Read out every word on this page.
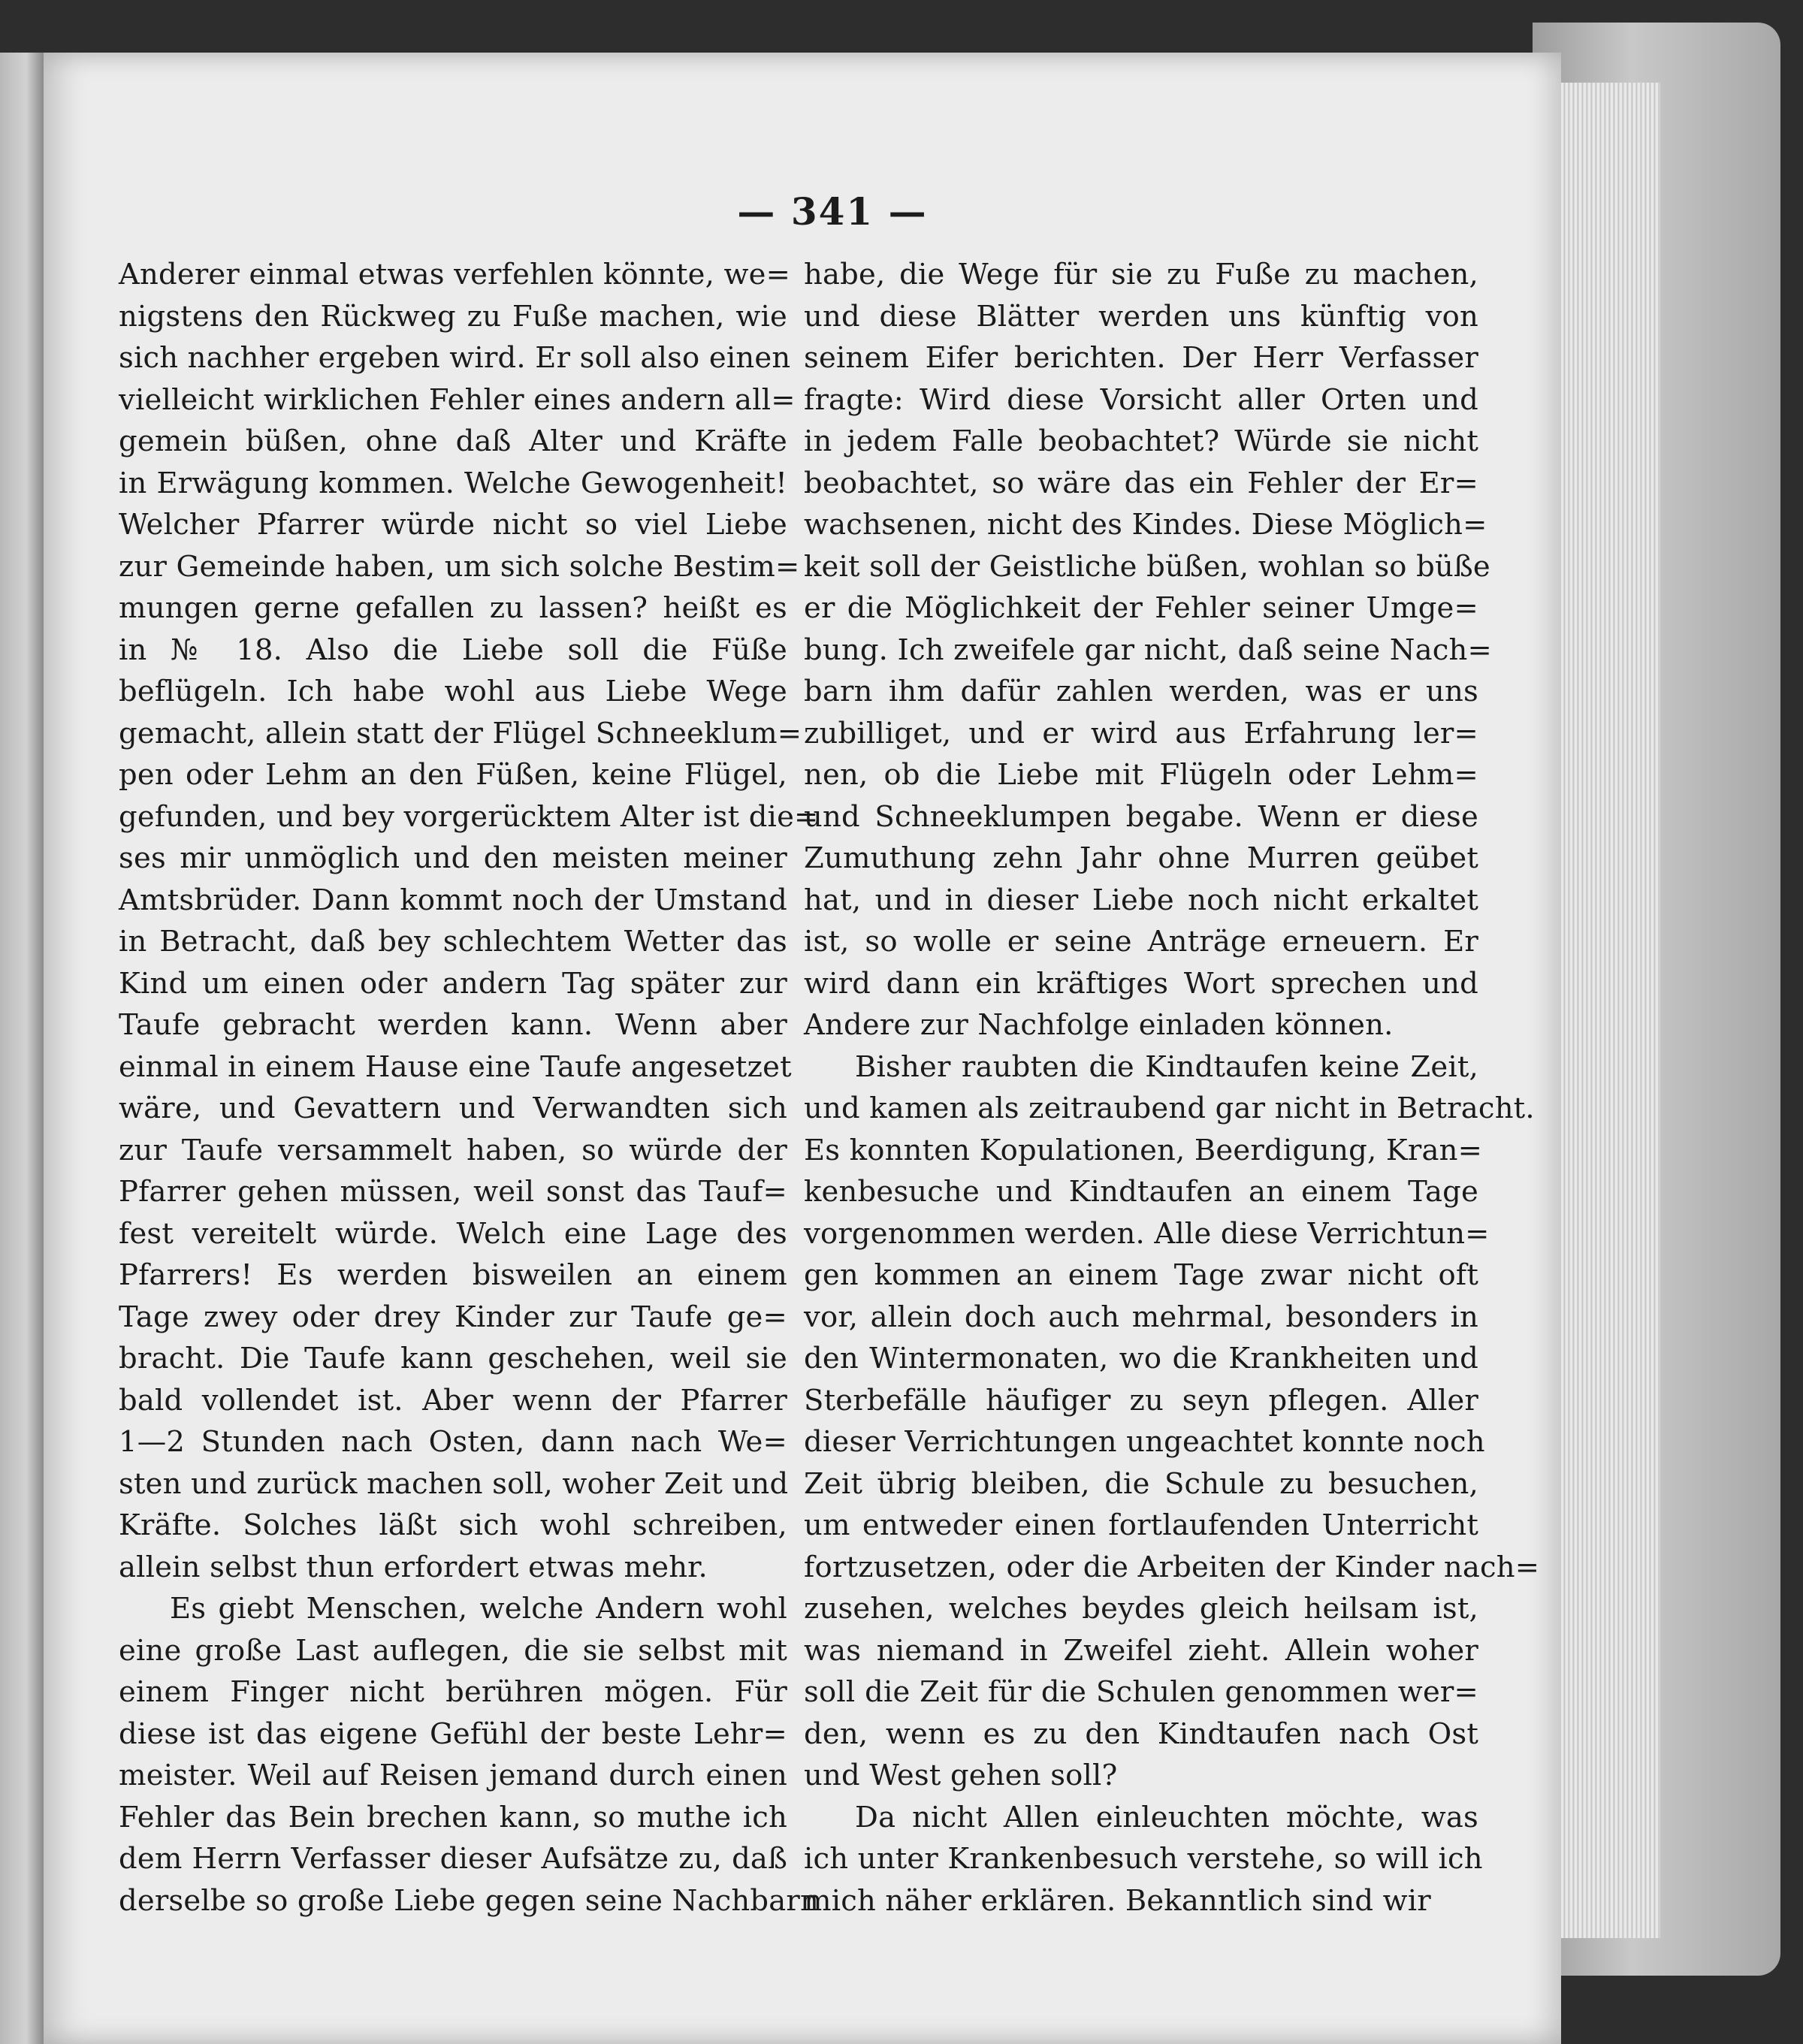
— 341 —
Anderer einmal etwas verfehlen könnte, we=
nigstens den Rückweg zu Fuße machen, wie
sich nachher ergeben wird. Er soll also einen
vielleicht wirklichen Fehler eines andern all=
gemein büßen, ohne daß Alter und Kräfte
in Erwägung kommen. Welche Gewogenheit!
Welcher Pfarrer würde nicht so viel Liebe
zur Gemeinde haben, um sich solche Bestim=
mungen gerne gefallen zu lassen? heißt es
in № 18. Also die Liebe soll die Füße
beflügeln. Ich habe wohl aus Liebe Wege
gemacht, allein statt der Flügel Schneeklum=
pen oder Lehm an den Füßen, keine Flügel,
gefunden, und bey vorgerücktem Alter ist die=
ses mir unmöglich und den meisten meiner
Amtsbrüder. Dann kommt noch der Umstand
in Betracht, daß bey schlechtem Wetter das
Kind um einen oder andern Tag später zur
Taufe gebracht werden kann. Wenn aber
einmal in einem Hause eine Taufe angesetzet
wäre, und Gevattern und Verwandten sich
zur Taufe versammelt haben, so würde der
Pfarrer gehen müssen, weil sonst das Tauf=
fest vereitelt würde. Welch eine Lage des
Pfarrers! Es werden bisweilen an einem
Tage zwey oder drey Kinder zur Taufe ge=
bracht. Die Taufe kann geschehen, weil sie
bald vollendet ist. Aber wenn der Pfarrer
1—2 Stunden nach Osten, dann nach We=
sten und zurück machen soll, woher Zeit und
Kräfte. Solches läßt sich wohl schreiben,
allein selbst thun erfordert etwas mehr.
Es giebt Menschen, welche Andern wohl
eine große Last auflegen, die sie selbst mit
einem Finger nicht berühren mögen. Für
diese ist das eigene Gefühl der beste Lehr=
meister. Weil auf Reisen jemand durch einen
Fehler das Bein brechen kann, so muthe ich
dem Herrn Verfasser dieser Aufsätze zu, daß
derselbe so große Liebe gegen seine Nachbarn
habe, die Wege für sie zu Fuße zu machen,
und diese Blätter werden uns künftig von
seinem Eifer berichten. Der Herr Verfasser
fragte: Wird diese Vorsicht aller Orten und
in jedem Falle beobachtet? Würde sie nicht
beobachtet, so wäre das ein Fehler der Er=
wachsenen, nicht des Kindes. Diese Möglich=
keit soll der Geistliche büßen, wohlan so büße
er die Möglichkeit der Fehler seiner Umge=
bung. Ich zweifele gar nicht, daß seine Nach=
barn ihm dafür zahlen werden, was er uns
zubilliget, und er wird aus Erfahrung ler=
nen, ob die Liebe mit Flügeln oder Lehm=
und Schneeklumpen begabe. Wenn er diese
Zumuthung zehn Jahr ohne Murren geübet
hat, und in dieser Liebe noch nicht erkaltet
ist, so wolle er seine Anträge erneuern. Er
wird dann ein kräftiges Wort sprechen und
Andere zur Nachfolge einladen können.
Bisher raubten die Kindtaufen keine Zeit,
und kamen als zeitraubend gar nicht in Betracht.
Es konnten Kopulationen, Beerdigung, Kran=
kenbesuche und Kindtaufen an einem Tage
vorgenommen werden. Alle diese Verrichtun=
gen kommen an einem Tage zwar nicht oft
vor, allein doch auch mehrmal, besonders in
den Wintermonaten, wo die Krankheiten und
Sterbefälle häufiger zu seyn pflegen. Aller
dieser Verrichtungen ungeachtet konnte noch
Zeit übrig bleiben, die Schule zu besuchen,
um entweder einen fortlaufenden Unterricht
fortzusetzen, oder die Arbeiten der Kinder nach=
zusehen, welches beydes gleich heilsam ist,
was niemand in Zweifel zieht. Allein woher
soll die Zeit für die Schulen genommen wer=
den, wenn es zu den Kindtaufen nach Ost
und West gehen soll?
Da nicht Allen einleuchten möchte, was
ich unter Krankenbesuch verstehe, so will ich
mich näher erklären. Bekanntlich sind wir
